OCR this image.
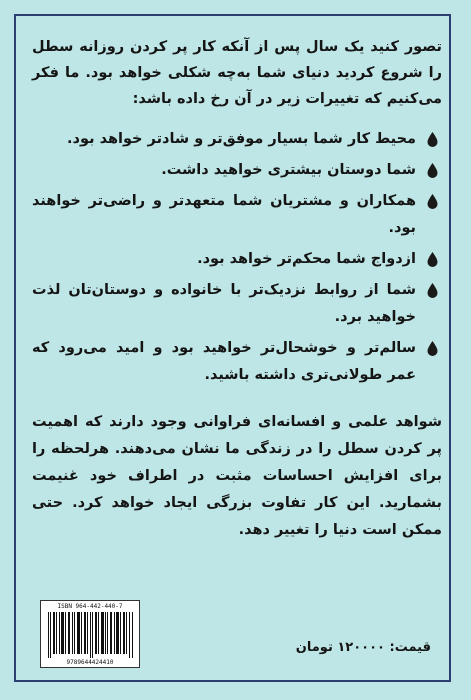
تصور کنید یک سال پس از آنکه کار پر کردن روزانه سطل را شروع کردید دنیای شما به‌چه شکلی خواهد بود. ما فکر می‌کنیم که تغییرات زیر در آن رخ داده باشد:

محیط کار شما بسیار موفق‌تر و شادتر خواهد بود.
شما دوستان بیشتری خواهید داشت.
همکاران و مشتریان شما متعهدتر و راضی‌تر خواهند بود.
ازدواج شما محکم‌تر خواهد بود.
شما از روابط نزدیک‌تر با خانواده و دوستان‌تان لذت خواهید برد.
سالم‌تر و خوشحال‌تر خواهید بود و امید می‌رود که عمر طولانی‌تری داشته باشید.

شواهد علمی و افسانه‌ای فراوانی وجود دارند که اهمیت پر کردن سطل را در زندگی ما نشان می‌دهند. هرلحظه را برای افزایش احساسات مثبت در اطراف خود غنیمت بشمارید. این کار تفاوت بزرگی ایجاد خواهد کرد. حتی ممکن است دنیا را تغییر دهد.

ISBN 964-442-440-7
9789644424410
قیمت: ۱۲۰۰۰۰ تومان
